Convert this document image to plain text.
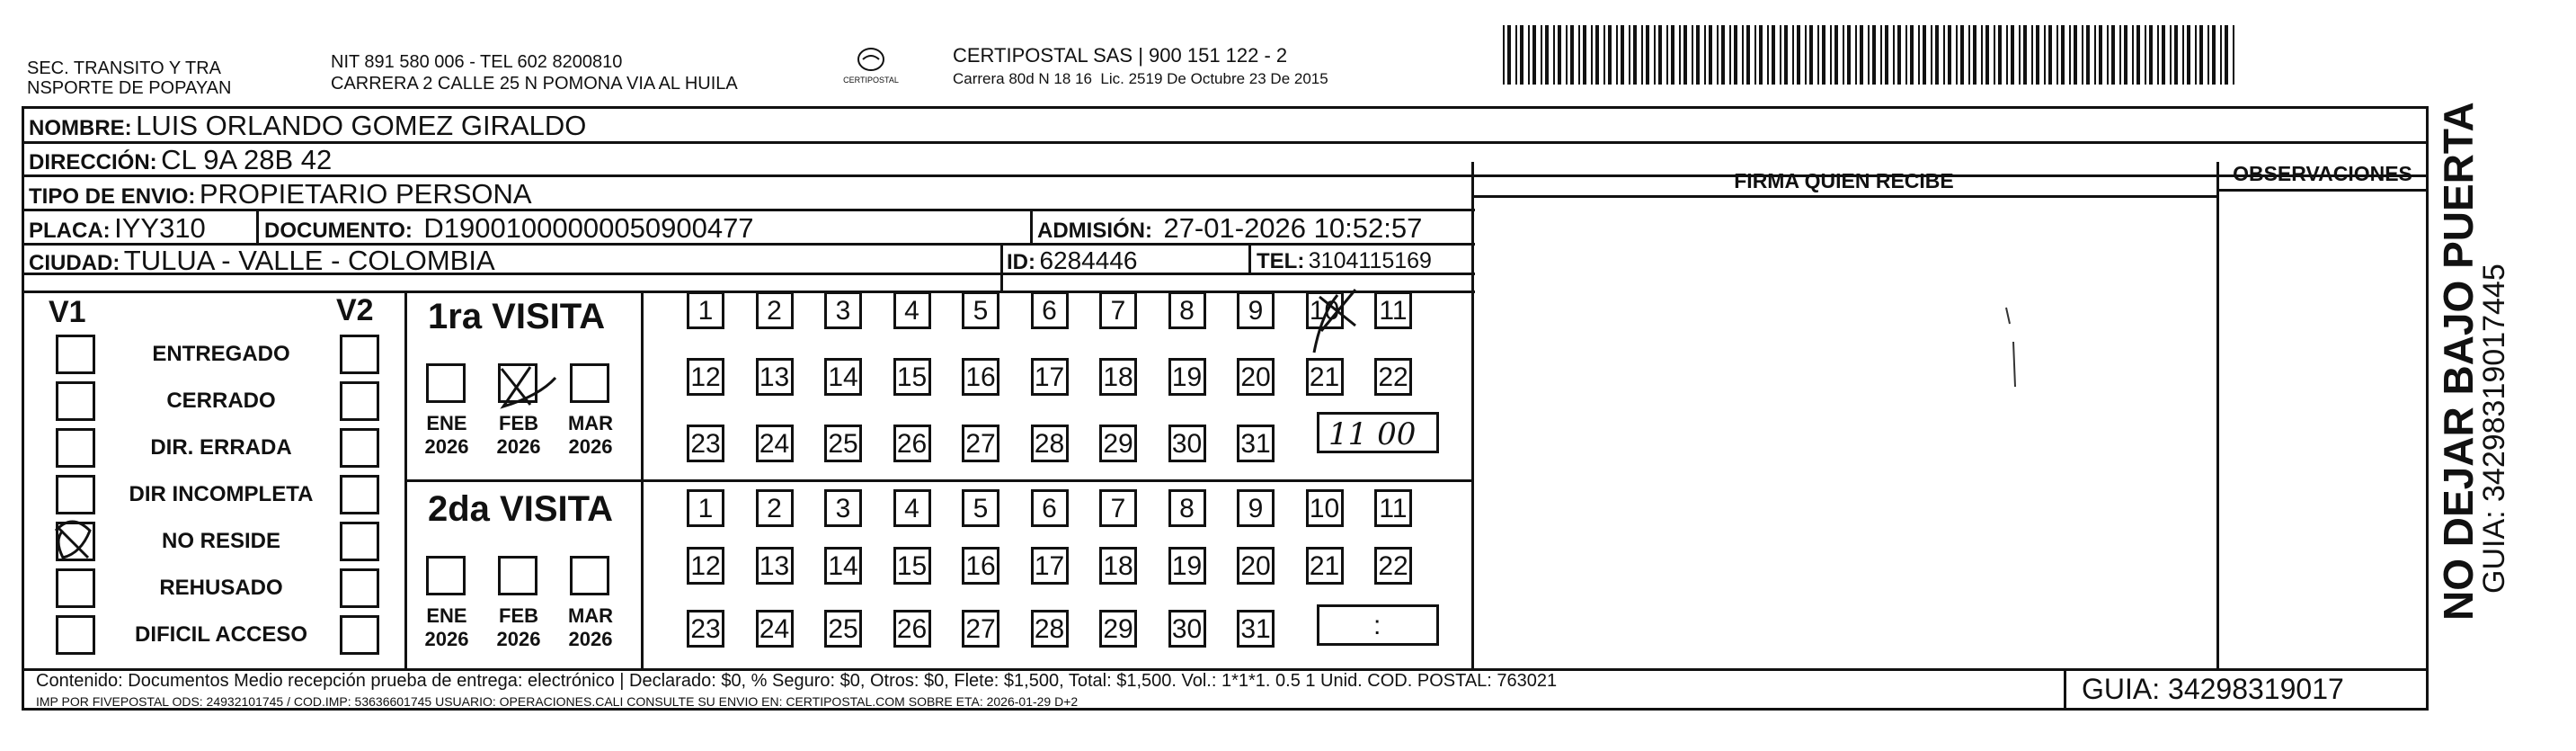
SEC. TRANSITO Y TRA
NSPORTE DE POPAYAN
NIT 891 580 006 - TEL 602 8200810
CARRERA 2 CALLE 25 N POMONA VIA AL HUILA	CERTIPOSTAL
CERTIPOSTAL SAS | 900 151 122 - 2
Carrera 80d N 18 16  Lic. 2519 De Octubre 23 De 2015
NOMBRE: LUIS ORLANDO GOMEZ GIRALDO
DIRECCIÓN: CL 9A 28B 42
TIPO DE ENVIO: PROPIETARIO PERSONA
PLACA: IYY310	DOCUMENTO: D19001000000050900477	ADMISIÓN: 27-01-2026 10:52:57
CIUDAD: TULUA - VALLE - COLOMBIA	ID: 6284446	TEL: 3104115169
FIRMA QUIEN RECIBE	OBSERVACIONES
V1	V2
ENTREGADO
CERRADO
DIR. ERRADA
DIR INCOMPLETA
NO RESIDE
REHUSADO
DIFICIL ACCESO
1ra VISITA
2da VISITA
ENE
2026
FEB
2026
MAR
2026
ENE
2026
FEB
2026
MAR
2026
1	2	3	4	5	6	7	8	9	10 11
12 13 14 15 16 17 18 19 20 21 22
23 24 25 26 27 28 29 30 31
1	2	3	4	5	6	7	8	9	10 11
12 13 14 15 16 17 18 19 20 21 22
23 24 25 26 27 28 29 30 31
11 00
:
Contenido: Documentos Medio recepción prueba de entrega: electrónico | Declarado: $0, % Seguro: $0, Otros: $0, Flete: $1,500, Total: $1,500. Vol.: 1*1*1. 0.5 1 Unid. COD. POSTAL: 763021
IMP POR FIVEPOSTAL ODS: 24932101745 / COD.IMP: 53636601745 USUARIO: OPERACIONES.CALI CONSULTE SU ENVIO EN: CERTIPOSTAL.COM SOBRE ETA: 2026-01-29 D+2	GUIA: 34298319017
NO DEJAR BAJO PUERTA
GUIA: 34298319017445
